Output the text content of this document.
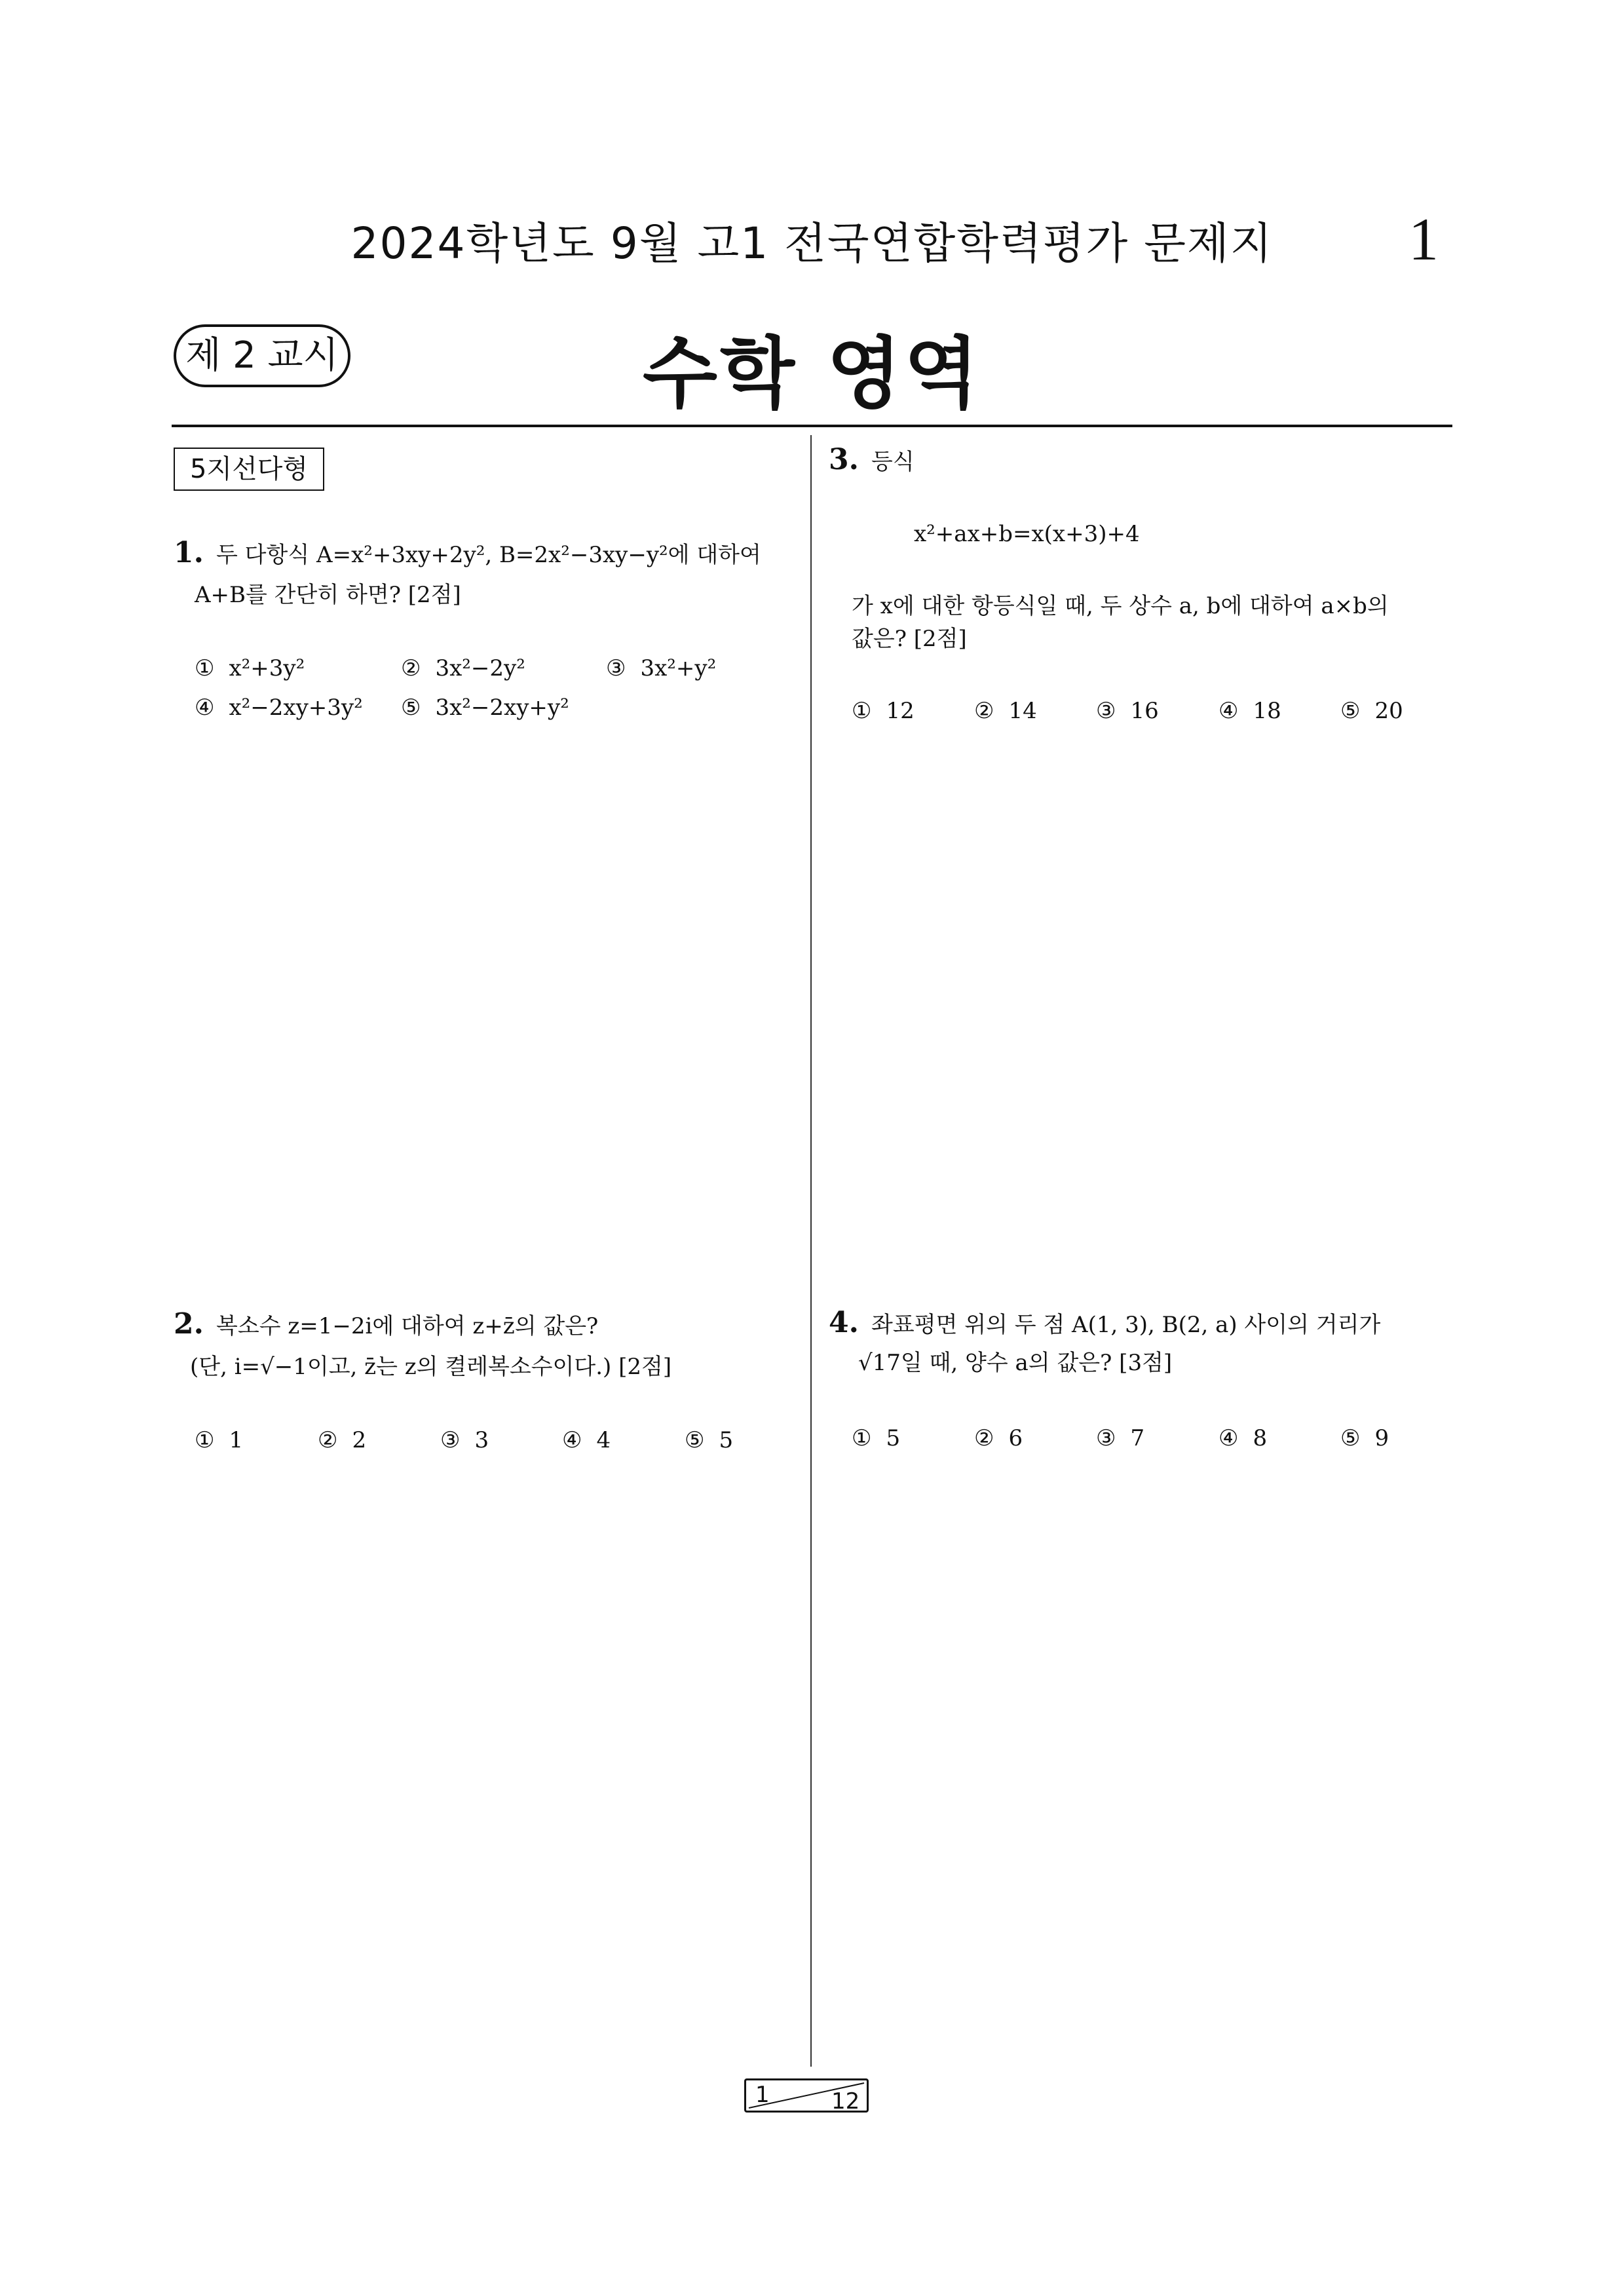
2024학년도 9월 고1 전국연합학력평가 문제지	1
제 2 교시	수학 영역
5지선다형
1. 두 다항식 A=x²+3xy+2y², B=2x²−3xy−y²에 대하여
A+B를 간단히 하면? [2점]
① x²+3y²	② 3x²−2y²	③ 3x²+y²
④ x²−2xy+3y² ⑤ 3x²−2xy+y²
2. 복소수 z=1−2i에 대하여 z+z̄의 값은?
(단, i=√−1이고, z̄는 z의 켤레복소수이다.) [2점]
① 1	② 2	③ 3	④ 4	⑤ 5
3. 등식
x²+ax+b=x(x+3)+4
가 x에 대한 항등식일 때, 두 상수 a, b에 대하여 a×b의
값은? [2점]
① 12	② 14	③ 16	④ 18	⑤ 20
4. 좌표평면 위의 두 점 A(1, 3), B(2, a) 사이의 거리가
√17일 때, 양수 a의 값은? [3점]
① 5	② 6	③ 7	④ 8	⑤ 9
1	12
